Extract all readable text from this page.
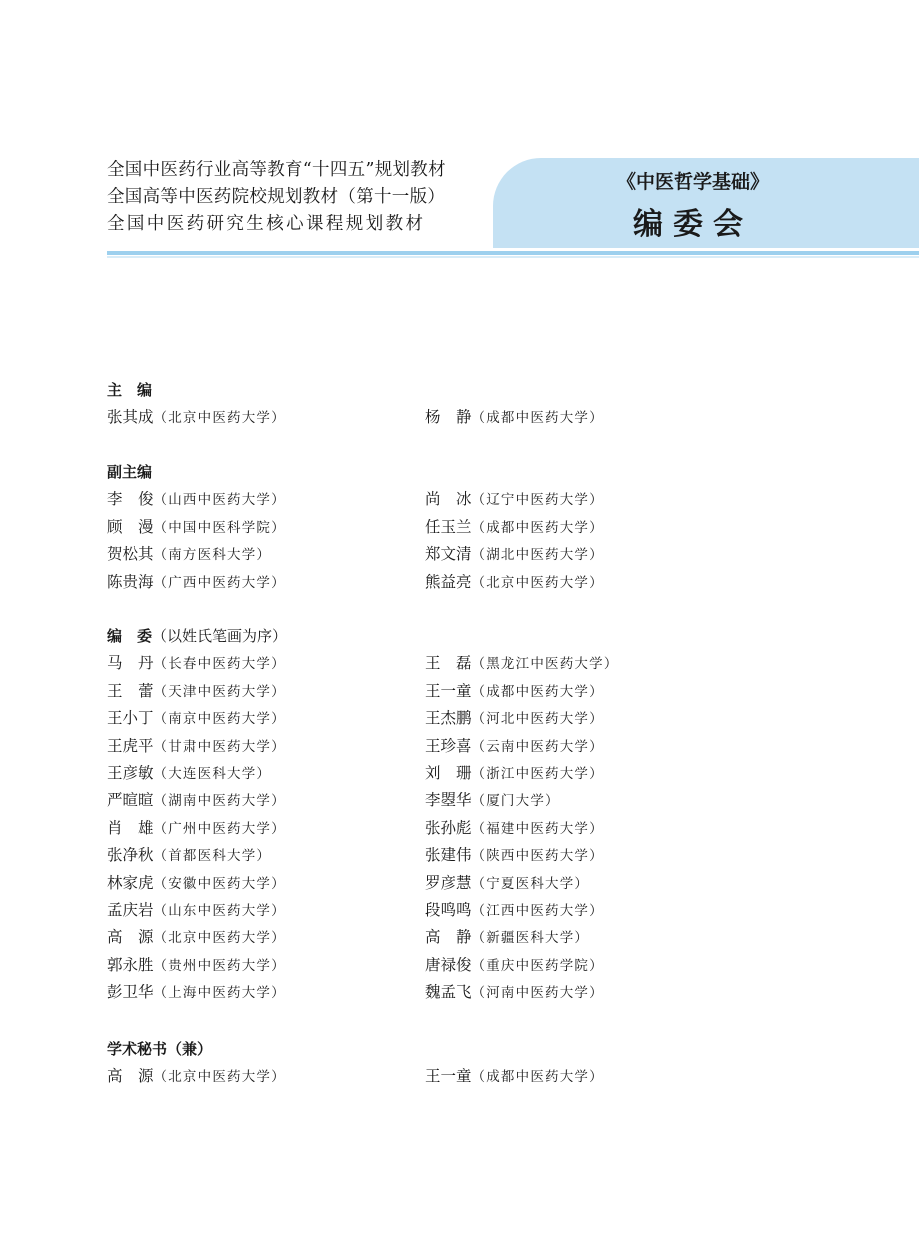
全国中医药行业高等教育“十四五”规划教材
全国高等中医药院校规划教材（第十一版）
全国中医药研究生核心课程规划教材
《中医哲学基础》
编委会
主　编
张其成（北京中医药大学）	杨　静（成都中医药大学）
副主编
李　俊（山西中医药大学）	尚　冰（辽宁中医药大学）
顾　漫（中国中医科学院）	任玉兰（成都中医药大学）
贺松其（南方医科大学）	郑文清（湖北中医药大学）
陈贵海（广西中医药大学）	熊益亮（北京中医药大学）
编　委（以姓氏笔画为序）
马　丹（长春中医药大学）	王　磊（黑龙江中医药大学）
王　蕾（天津中医药大学）	王一童（成都中医药大学）
王小丁（南京中医药大学）	王杰鹏（河北中医药大学）
王虎平（甘肃中医药大学）	王珍喜（云南中医药大学）
王彦敏（大连医科大学）	刘　珊（浙江中医药大学）
严暄暄（湖南中医药大学）	李曌华（厦门大学）
肖　雄（广州中医药大学）	张孙彪（福建中医药大学）
张净秋（首都医科大学）	张建伟（陕西中医药大学）
林家虎（安徽中医药大学）	罗彦慧（宁夏医科大学）
孟庆岩（山东中医药大学）	段鸣鸣（江西中医药大学）
高　源（北京中医药大学）	高　静（新疆医科大学）
郭永胜（贵州中医药大学）	唐禄俊（重庆中医药学院）
彭卫华（上海中医药大学）	魏孟飞（河南中医药大学）
学术秘书（兼）
高　源（北京中医药大学）	王一童（成都中医药大学）
